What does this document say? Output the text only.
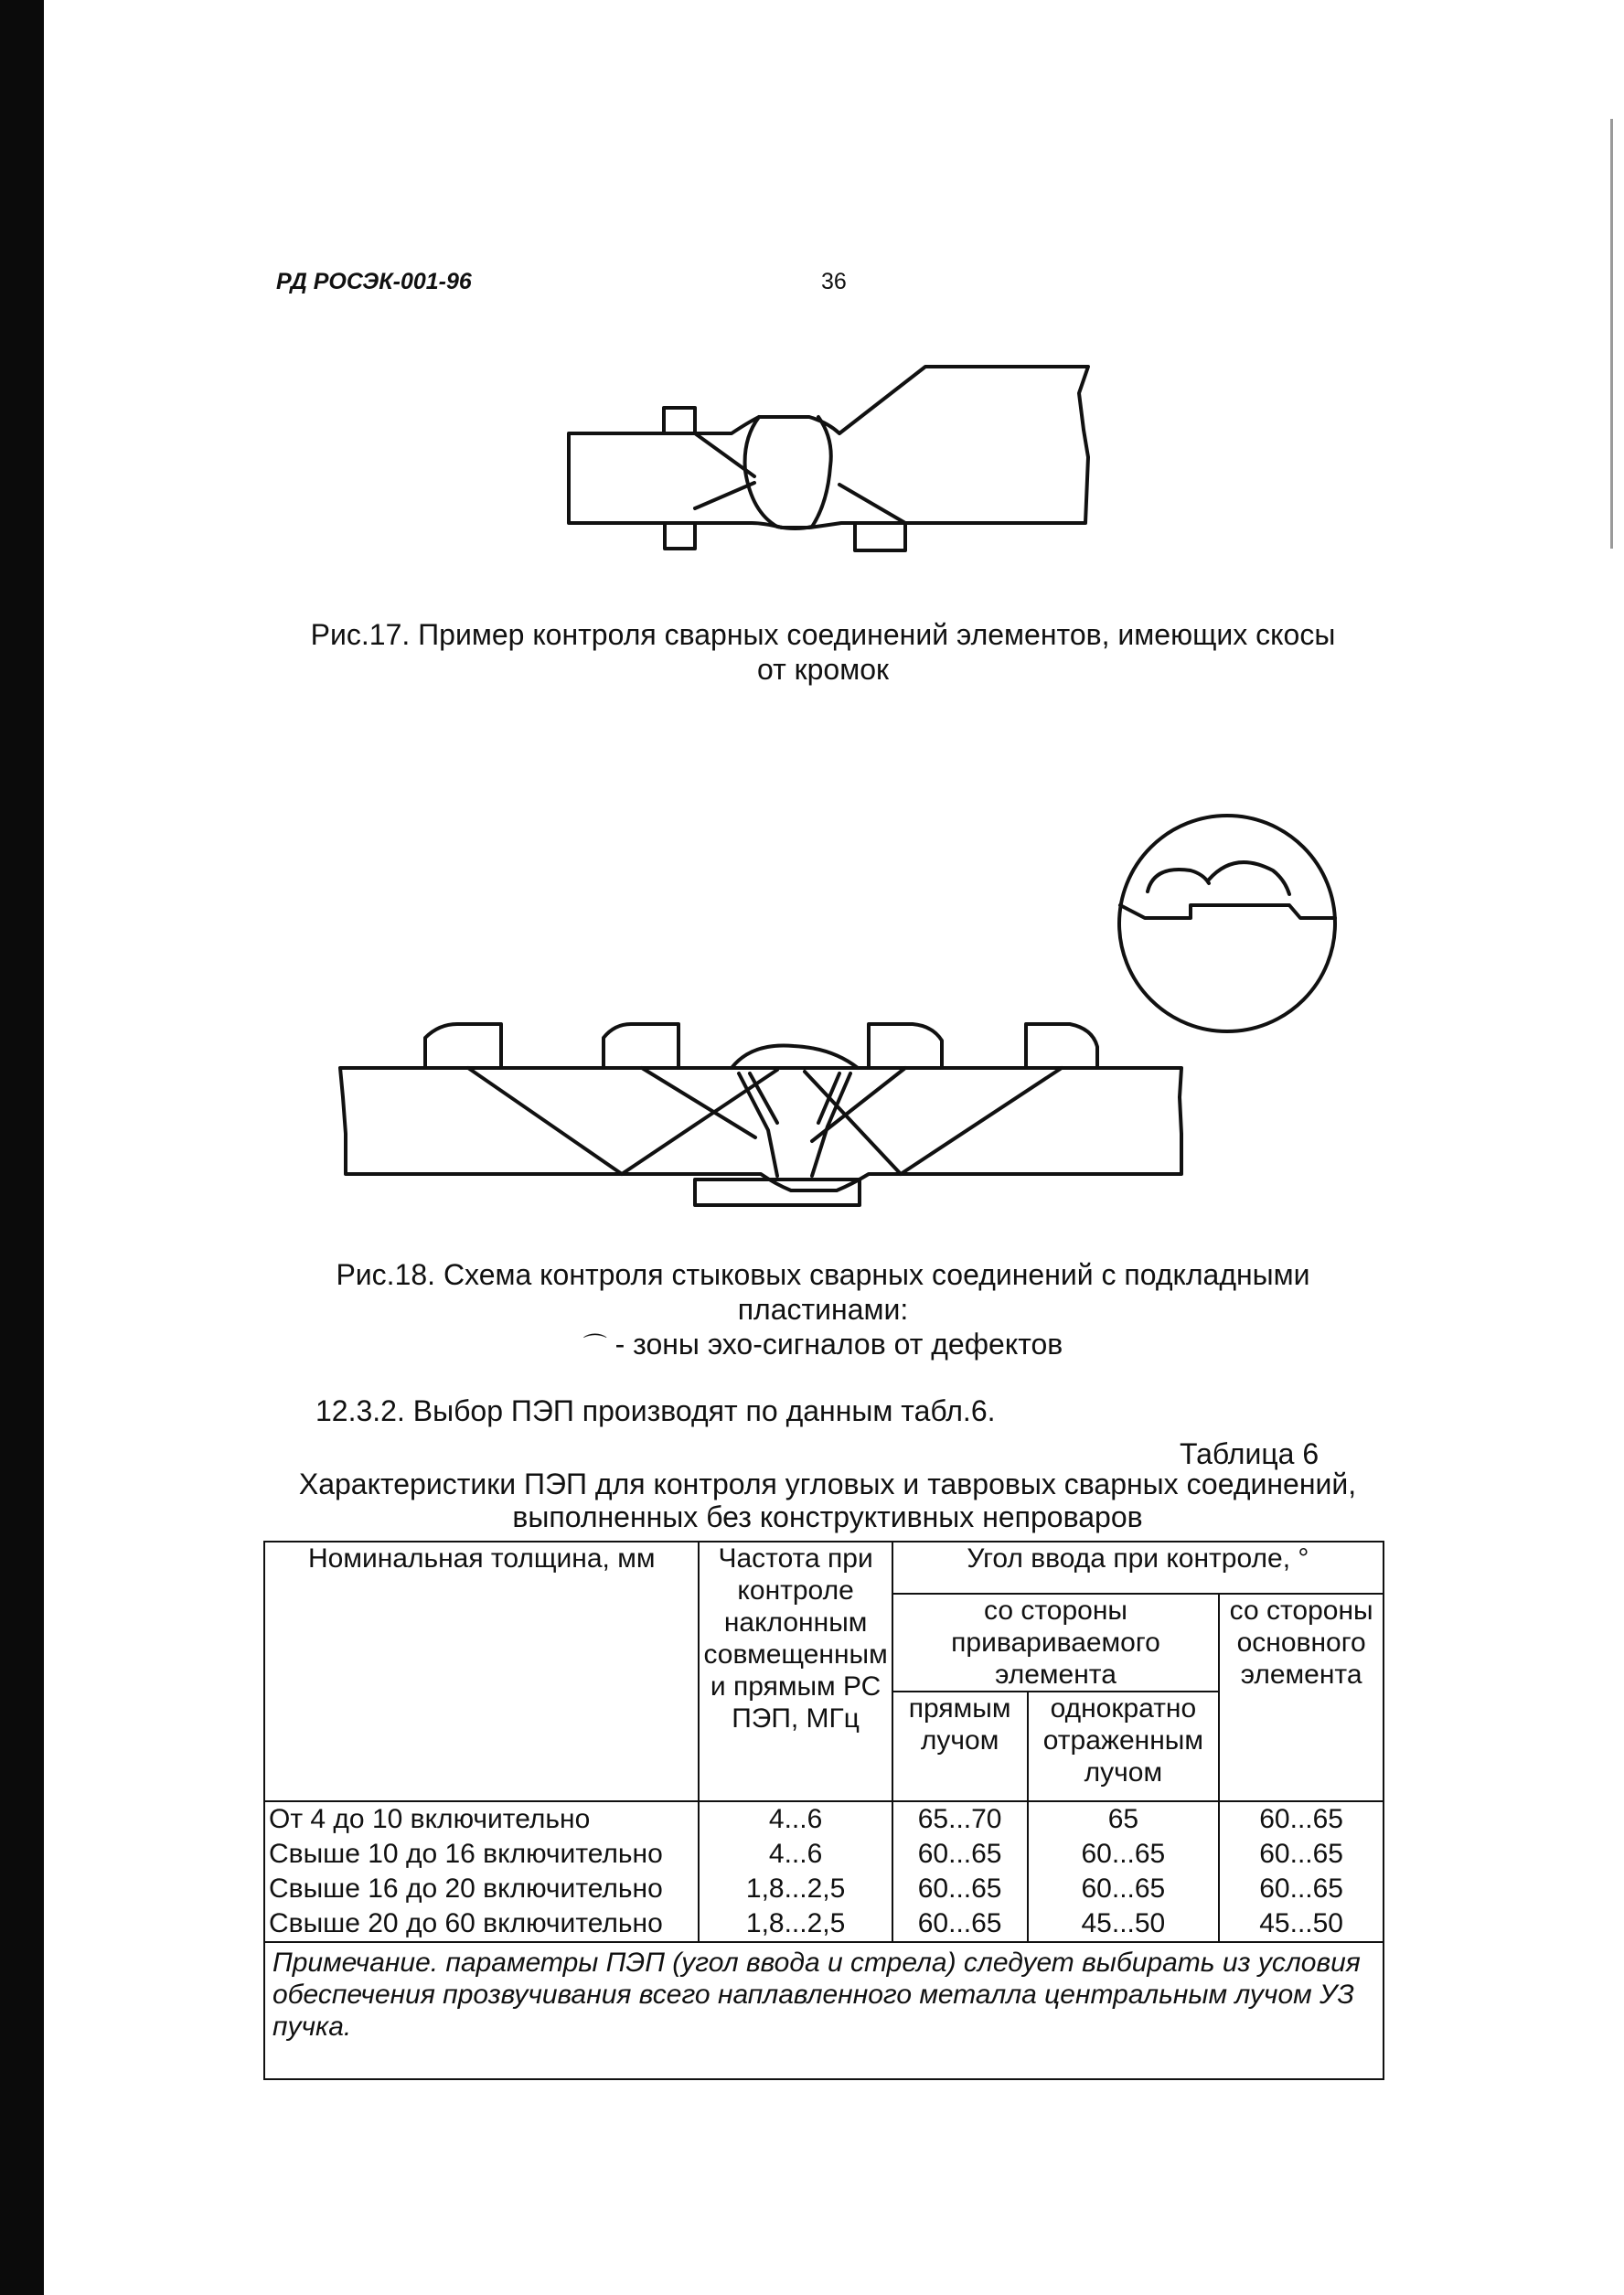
РД РОСЭК-001-96	36
Рис.17. Пример контроля сварных соединений элементов, имеющих скосы
от кромок
Рис.18. Схема контроля стыковых сварных соединений с подкладными
пластинами:
⌒ - зоны эхо-сигналов от дефектов
12.3.2. Выбор ПЭП производят по данным табл.6.
Таблица 6
Характеристики ПЭП для контроля угловых и тавровых сварных соединений,
выполненных без конструктивных непроваров
Номинальная толщина, мм	Частота при контроле наклонным совмещенным и прямым РС ПЭП, МГц	Угол ввода при контроле, °		
		со стороны привариваемого элемента		со стороны основного элемента
		прямым лучом	однократно отраженным лучом	
От 4 до 10 включительно	4...6	65...70	65	60...65
Свыше 10 до 16 включительно	4...6	60...65	60...65	60...65
Свыше 16 до 20 включительно	1,8...2,5	60...65	60...65	60...65
Свыше 20 до 60 включительно	1,8...2,5	60...65	45...50	45...50
Примечание. параметры ПЭП (угол ввода и стрела) следует выбирать из условия обеспечения прозвучивания всего наплавленного металла центральным лучом УЗ пучка.				
